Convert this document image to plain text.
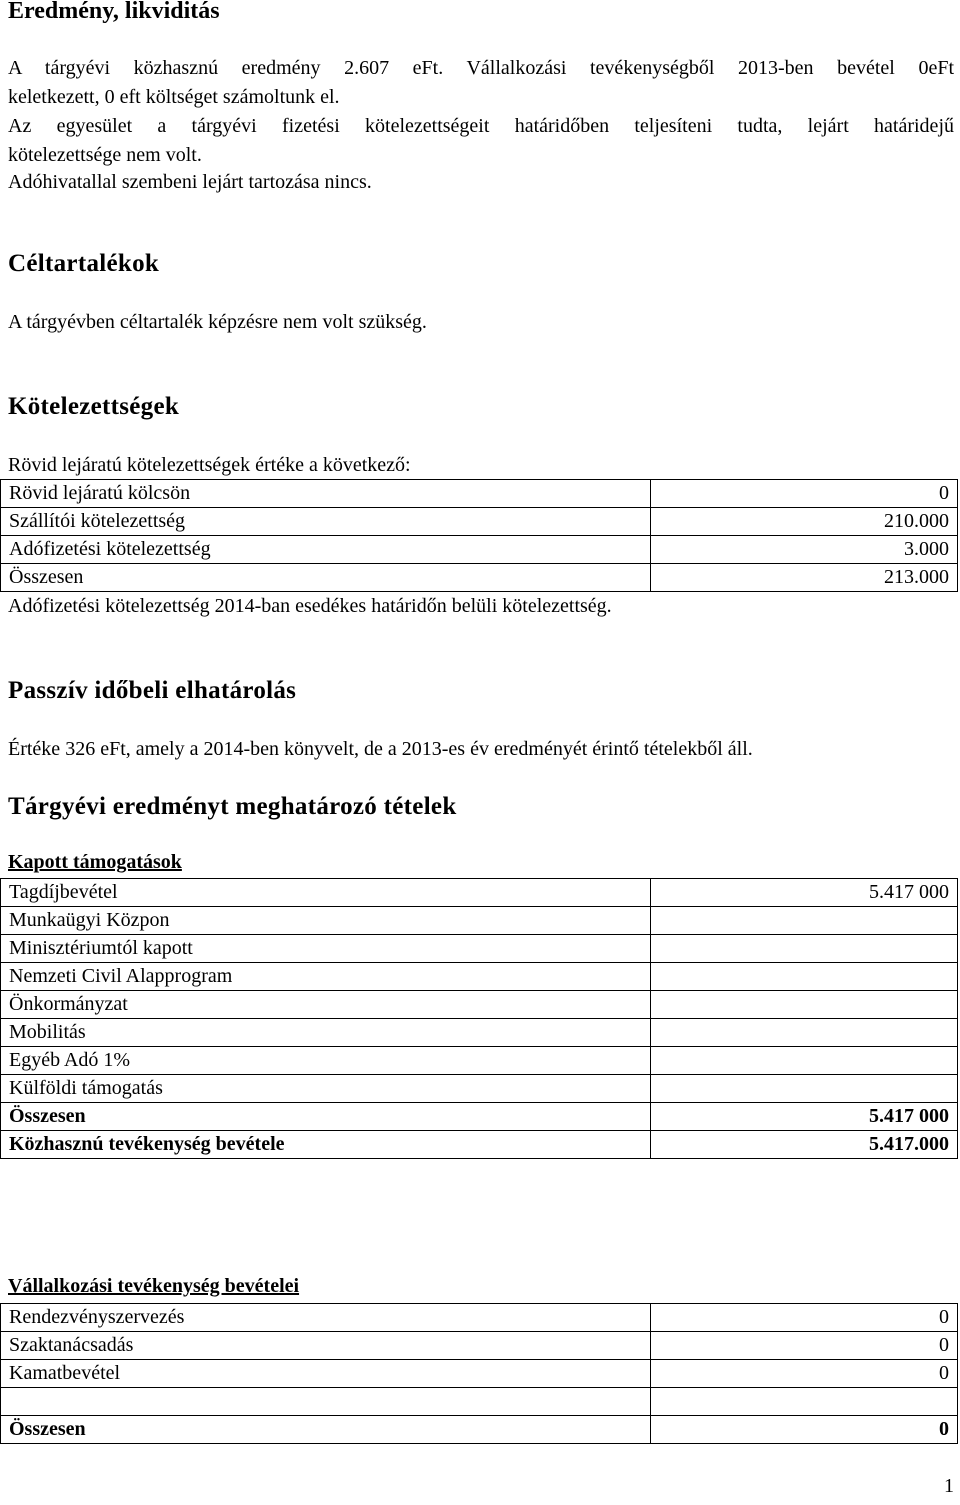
Eredmény, likviditás
A tárgyévi közhasznú eredmény 2.607 eFt. Vállalkozási tevékenységből 2013-ben bevétel 0eFt
keletkezett, 0 eft költséget számoltunk el.
Az egyesület a tárgyévi fizetési kötelezettségeit határidőben teljesíteni tudta, lejárt határidejű
kötelezettsége nem volt.
Adóhivatallal szembeni lejárt tartozása nincs.
Céltartalékok
A tárgyévben céltartalék képzésre nem volt szükség.
Kötelezettségek
Rövid lejáratú kötelezettségek értéke a következő:
Rövid lejáratú kölcsön	0
Szállítói kötelezettség	210.000
Adófizetési kötelezettség	3.000
Összesen	213.000
Adófizetési kötelezettség 2014-ban esedékes határidőn belüli kötelezettség.
Passzív időbeli elhatárolás
Értéke 326 eFt, amely a 2014-ben könyvelt, de a 2013-es év eredményét érintő tételekből áll.
Tárgyévi eredményt meghatározó tételek
Kapott támogatások
Tagdíjbevétel	5.417 000
Munkaügyi Közpon	
Minisztériumtól kapott	
Nemzeti Civil Alapprogram	
Önkormányzat	
Mobilitás	
Egyéb Adó 1%	
Külföldi támogatás	
Összesen	5.417 000
Közhasznú tevékenység bevétele	5.417.000
Vállalkozási tevékenység bevételei
Rendezvényszervezés	0
Szaktanácsadás	0
Kamatbevétel	0

Összesen	0
1
